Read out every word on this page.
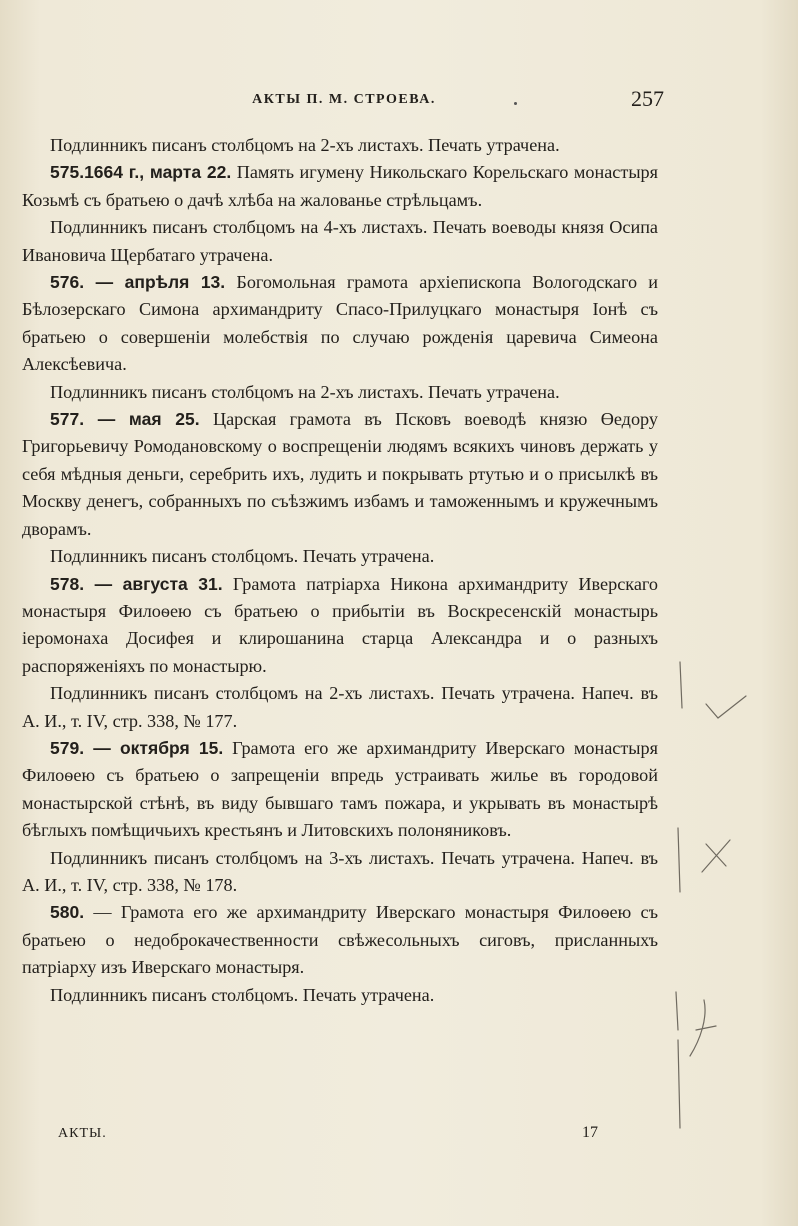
АКТЫ П. М. СТРОЕВА.	257

Подлинникъ писанъ столбцомъ на 2-хъ листахъ. Печать утрачена.

575.1664 г., марта 22. Память игумену Никольскаго Корельскаго монастыря Козьмѣ съ братьею о дачѣ хлѣба на жалованье стрѣльцамъ.

Подлинникъ писанъ столбцомъ на 4-хъ листахъ. Печать воеводы князя Осипа Ивановича Щербатаго утрачена.

576. — апрѣля 13. Богомольная грамота архіепископа Вологодскаго и Бѣлозерскаго Симона архимандриту Спасо-Прилуцкаго монастыря Іонѣ съ братьею о совершеніи молебствія по случаю рожденія царевича Симеона Алексѣевича.

Подлинникъ писанъ столбцомъ на 2-хъ листахъ. Печать утрачена.

577. — мая 25. Царская грамота въ Псковъ воеводѣ князю Өедору Григорьевичу Ромодановскому о воспрещеніи людямъ всякихъ чиновъ держать у себя мѣдныя деньги, серебрить ихъ, лудить и покрывать ртутью и о присылкѣ въ Москву денегъ, собранныхъ по съѣзжимъ избамъ и таможеннымъ и кружечнымъ дворамъ.

Подлинникъ писанъ столбцомъ. Печать утрачена.

578. — августа 31. Грамота патріарха Никона архимандриту Иверскаго монастыря Филоѳею съ братьею о прибытіи въ Воскресенскій монастырь іеромонаха Досифея и клирошанина старца Александра и о разныхъ распоряженіяхъ по монастырю.

Подлинникъ писанъ столбцомъ на 2-хъ листахъ. Печать утрачена. Напеч. въ А. И., т. IV, стр. 338, № 177.

579. — октября 15. Грамота его же архимандриту Иверскаго монастыря Филоѳею съ братьею о запрещеніи впредь устраивать жилье въ городовой монастырской стѣнѣ, въ виду бывшаго тамъ пожара, и укрывать въ монастырѣ бѣглыхъ помѣщичьихъ крестьянъ и Литовскихъ полоняниковъ.

Подлинникъ писанъ столбцомъ на 3-хъ листахъ. Печать утрачена. Напеч. въ А. И., т. IV, стр. 338, № 178.

580. — Грамота его же архимандриту Иверскаго монастыря Филоѳею съ братьею о недоброкачественности свѣжесольныхъ сиговъ, присланныхъ патріарху изъ Иверскаго монастыря.

Подлинникъ писанъ столбцомъ. Печать утрачена.

АКТЫ.	17
